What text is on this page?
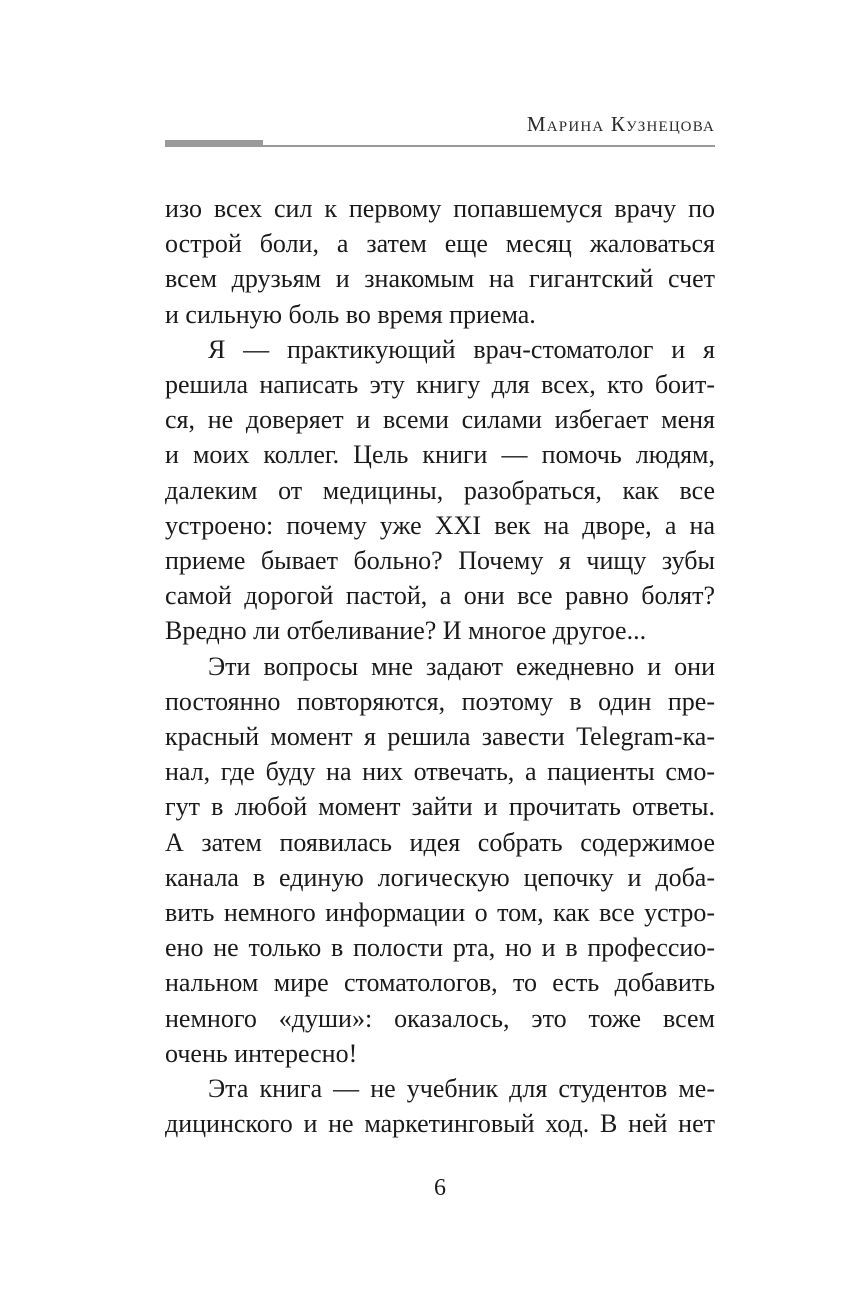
Марина Кузнецова
изо всех сил к первому попавшемуся врачу по
острой боли, а затем еще месяц жаловаться
всем друзьям и знакомым на гигантский счет
и сильную боль во время приема.
Я — практикующий врач-стоматолог и я
решила написать эту книгу для всех, кто боит-
ся, не доверяет и всеми силами избегает меня
и моих коллег. Цель книги — помочь людям,
далеким от медицины, разобраться, как все
устроено: почему уже XXI век на дворе, а на
приеме бывает больно? Почему я чищу зубы
самой дорогой пастой, а они все равно болят?
Вредно ли отбеливание? И многое другое...
Эти вопросы мне задают ежедневно и они
постоянно повторяются, поэтому в один пре-
красный момент я решила завести Telegram-ка-
нал, где буду на них отвечать, а пациенты смо-
гут в любой момент зайти и прочитать ответы.
А затем появилась идея собрать содержимое
канала в единую логическую цепочку и доба-
вить немного информации о том, как все устро-
ено не только в полости рта, но и в профессио-
нальном мире стоматологов, то есть добавить
немного «души»: оказалось, это тоже всем
очень интересно!
Эта книга — не учебник для студентов ме-
дицинского и не маркетинговый ход. В ней нет
6
